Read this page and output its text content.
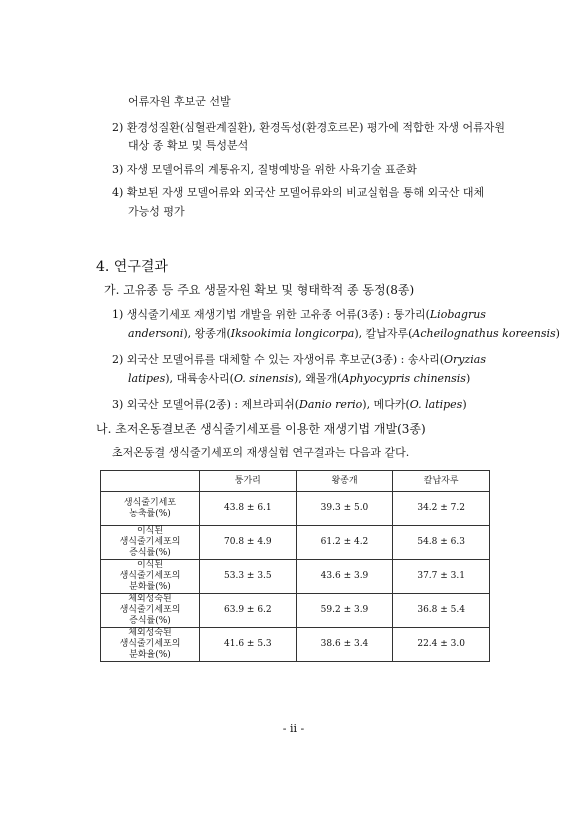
어류자원 후보군 선발
2) 환경성질환(심혈관계질환), 환경독성(환경호르몬) 평가에 적합한 자생 어류자원
대상 종 확보 및 특성분석
3) 자생 모델어류의 계통유지, 질병예방을 위한 사육기술 표준화
4) 확보된 자생 모델어류와 외국산 모델어류와의 비교실험을 통해 외국산 대체
가능성 평가
4. 연구결과
가. 고유종 등 주요 생물자원 확보 및 형태학적 종 동정(8종)
1) 생식줄기세포 재생기법 개발을 위한 고유종 어류(3종) : 퉁가리(Liobagrus
andersoni), 왕종개(Iksookimia longicorpa), 칼납자루(Acheilognathus koreensis)
2) 외국산 모델어류를 대체할 수 있는 자생어류 후보군(3종) : 송사리(Oryzias
latipes), 대륙송사리(O. sinensis), 왜몰개(Aphyocypris chinensis)
3) 외국산 모델어류(2종) : 제브라피쉬(Danio rerio), 메다카(O. latipes)
나. 초저온동결보존 생식줄기세포를 이용한 재생기법 개발(3종)
초저온동결 생식줄기세포의 재생실험 연구결과는 다음과 같다.
	퉁가리	왕종개	칼납자루

생식줄기세포
농축률(%)	43.8 ± 6.1	39.3 ± 5.0	34.2 ± 7.2

이식된
생식줄기세포의
증식률(%)	70.8 ± 4.9	61.2 ± 4.2	54.8 ± 6.3

이식된
생식줄기세포의
분화률(%)	53.3 ± 3.5	43.6 ± 3.9	37.7 ± 3.1

체외성숙된
생식줄기세포의
증식률(%)	63.9 ± 6.2	59.2 ± 3.9	36.8 ± 5.4

체외성숙된
생식줄기세포의
분화율(%)	41.6 ± 5.3	38.6 ± 3.4	22.4 ± 3.0
- ii -
